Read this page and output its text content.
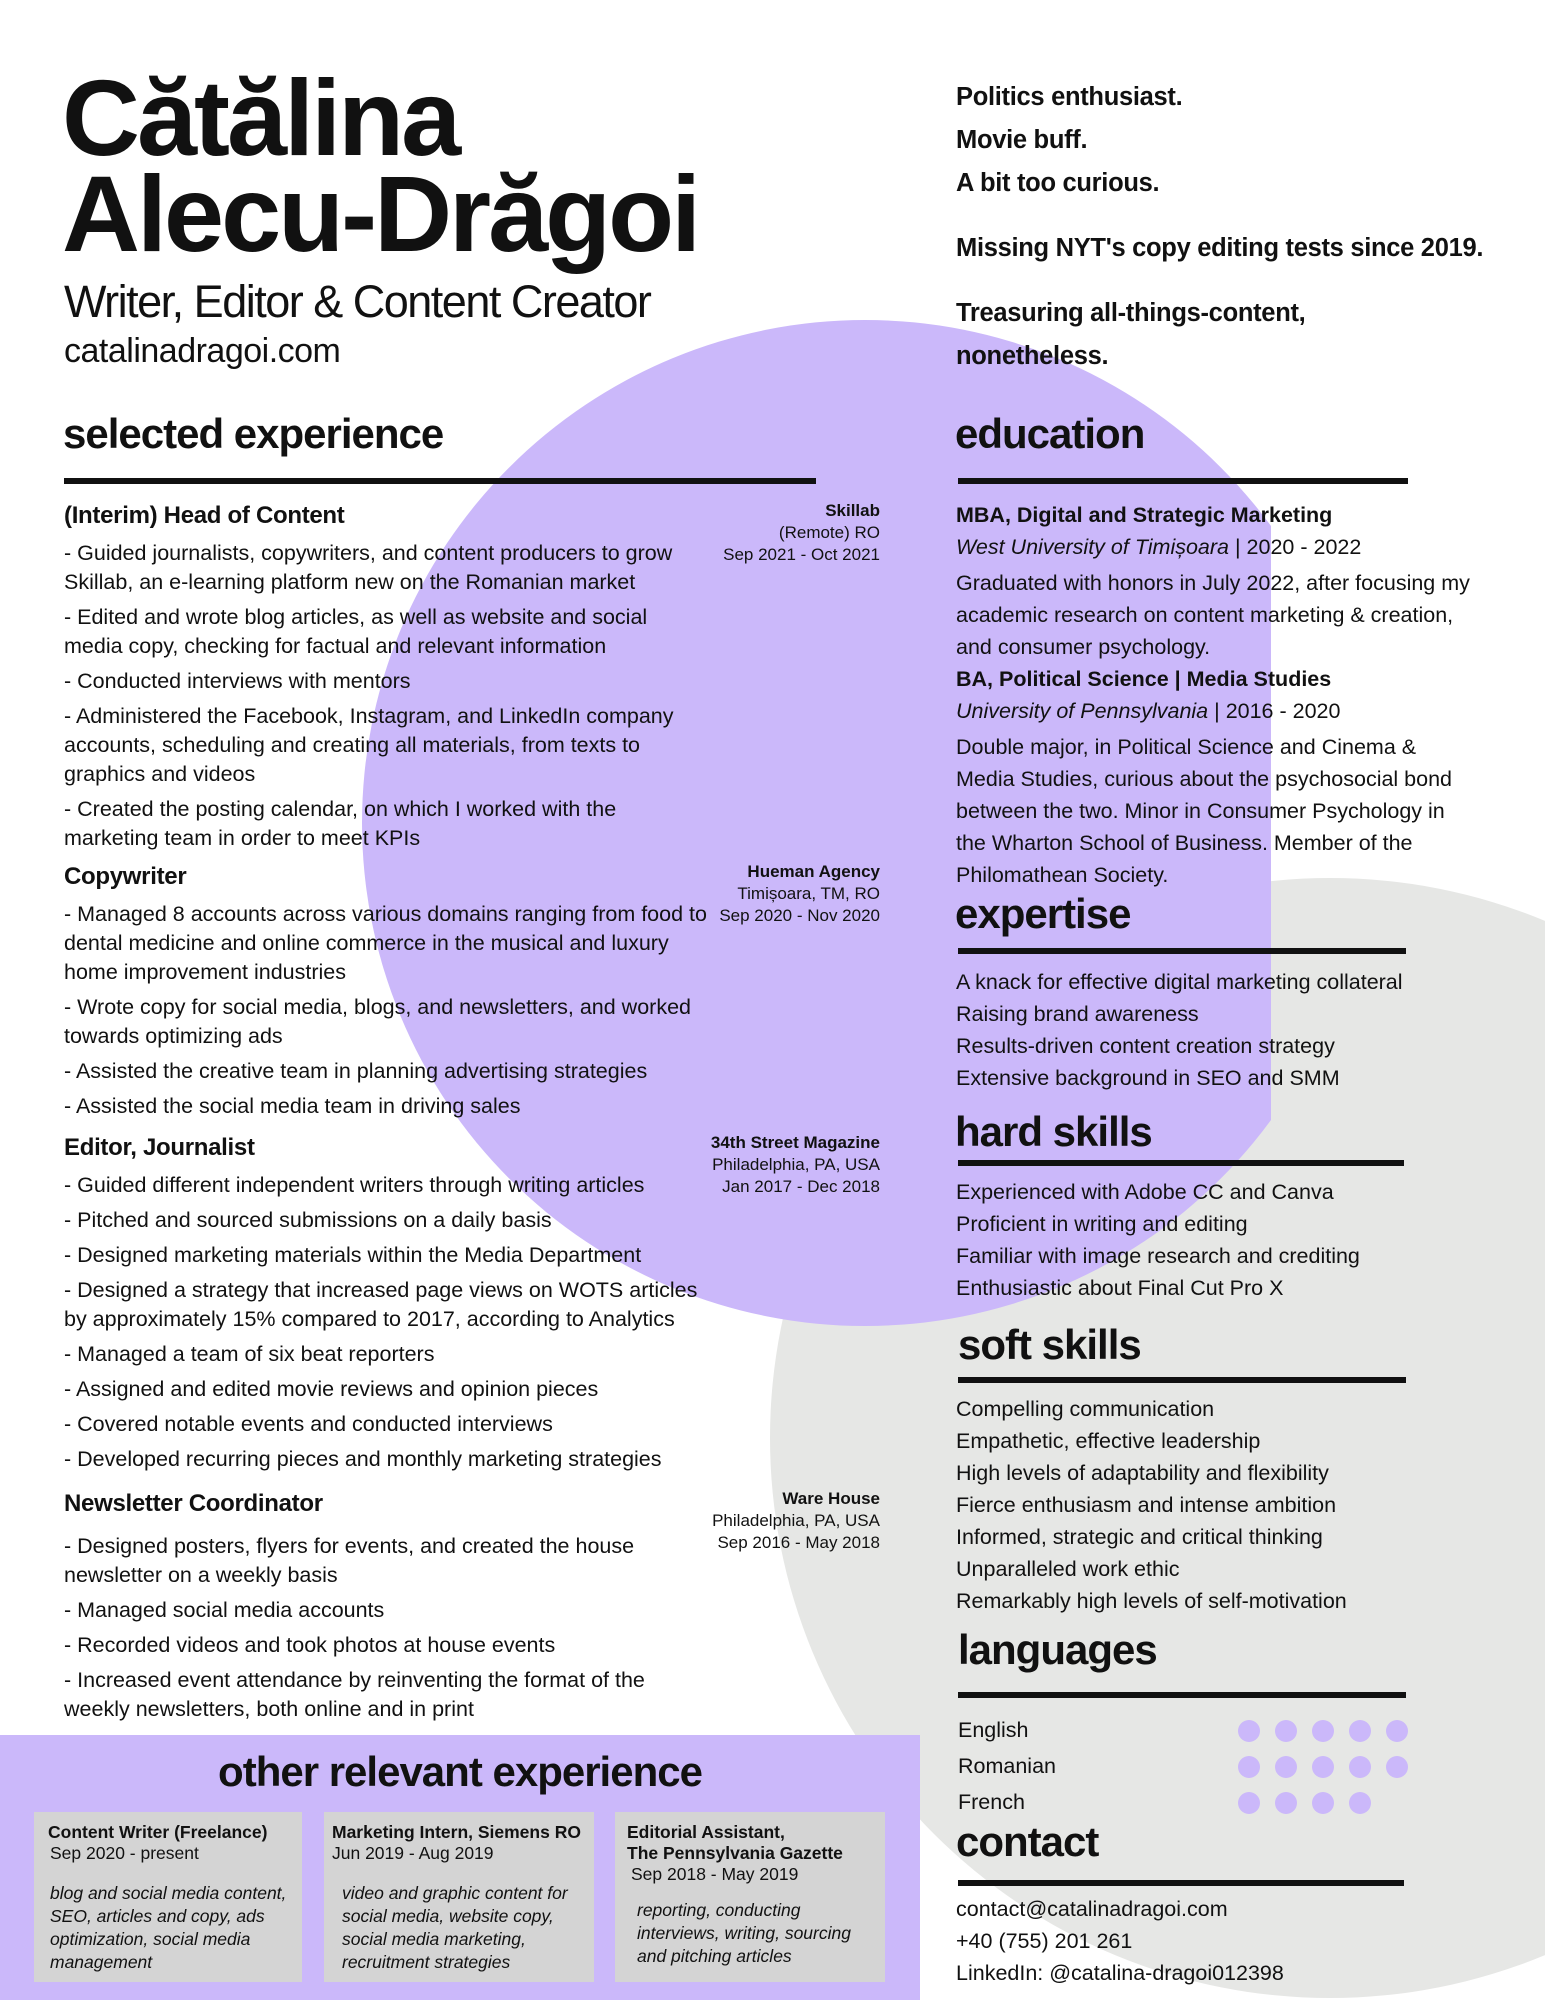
Cătălina
Alecu-Drăgoi
Writer, Editor & Content Creator
catalinadragoi.com
selected experience
(Interim) Head of Content	Skillab
(Remote) RO
Sep 2021 - Oct 2021
- Guided journalists, copywriters, and content producers to grow Skillab, an e-learning platform new on the Romanian market
- Edited and wrote blog articles, as well as website and social media copy, checking for factual and relevant information
- Conducted interviews with mentors
- Administered the Facebook, Instagram, and LinkedIn company accounts, scheduling and creating all materials, from texts to graphics and videos
- Created the posting calendar, on which I worked with the marketing team in order to meet KPIs
Copywriter	Hueman Agency
Timișoara, TM, RO
Sep 2020 - Nov 2020
- Managed 8 accounts across various domains ranging from food to dental medicine and online commerce in the musical and luxury home improvement industries
- Wrote copy for social media, blogs, and newsletters, and worked towards optimizing ads
- Assisted the creative team in planning advertising strategies
- Assisted the social media team in driving sales
Editor, Journalist	34th Street Magazine
Philadelphia, PA, USA
Jan 2017 - Dec 2018
- Guided different independent writers through writing articles
- Pitched and sourced submissions on a daily basis
- Designed marketing materials within the Media Department
- Designed a strategy that increased page views on WOTS articles by approximately 15% compared to 2017, according to Analytics
- Managed a team of six beat reporters
- Assigned and edited movie reviews and opinion pieces
- Covered notable events and conducted interviews
- Developed recurring pieces and monthly marketing strategies
Newsletter Coordinator	Ware House
Philadelphia, PA, USA
Sep 2016 - May 2018
- Designed posters, flyers for events, and created the house newsletter on a weekly basis
- Managed social media accounts
- Recorded videos and took photos at house events
- Increased event attendance by reinventing the format of the weekly newsletters, both online and in print
Politics enthusiast.
Movie buff.
A bit too curious.
Missing NYT's copy editing tests since 2019.
Treasuring all-things-content,
nonetheless.
education
MBA, Digital and Strategic Marketing
West University of Timișoara | 2020 - 2022
Graduated with honors in July 2022, after focusing my academic research on content marketing & creation, and consumer psychology.
BA, Political Science | Media Studies
University of Pennsylvania | 2016 - 2020
Double major, in Political Science and Cinema & Media Studies, curious about the psychosocial bond between the two. Minor in Consumer Psychology in the Wharton School of Business. Member of the Philomathean Society.
expertise
A knack for effective digital marketing collateral
Raising brand awareness
Results-driven content creation strategy
Extensive background in SEO and SMM
hard skills
Experienced with Adobe CC and Canva
Proficient in writing and editing
Familiar with image research and crediting
Enthusiastic about Final Cut Pro X
soft skills
Compelling communication
Empathetic, effective leadership
High levels of adaptability and flexibility
Fierce enthusiasm and intense ambition
Informed, strategic and critical thinking
Unparalleled work ethic
Remarkably high levels of self-motivation
languages
English
Romanian
French
contact
contact@catalinadragoi.com
+40 (755) 201 261
LinkedIn: @catalina-dragoi012398
other relevant experience
Content Writer (Freelance)
Sep 2020 - present
blog and social media content, SEO, articles and copy, ads optimization, social media management
Marketing Intern, Siemens RO
Jun 2019 - Aug 2019
video and graphic content for social media, website copy, social media marketing, recruitment strategies
Editorial Assistant,
The Pennsylvania Gazette
Sep 2018 - May 2019
reporting, conducting interviews, writing, sourcing and pitching articles
